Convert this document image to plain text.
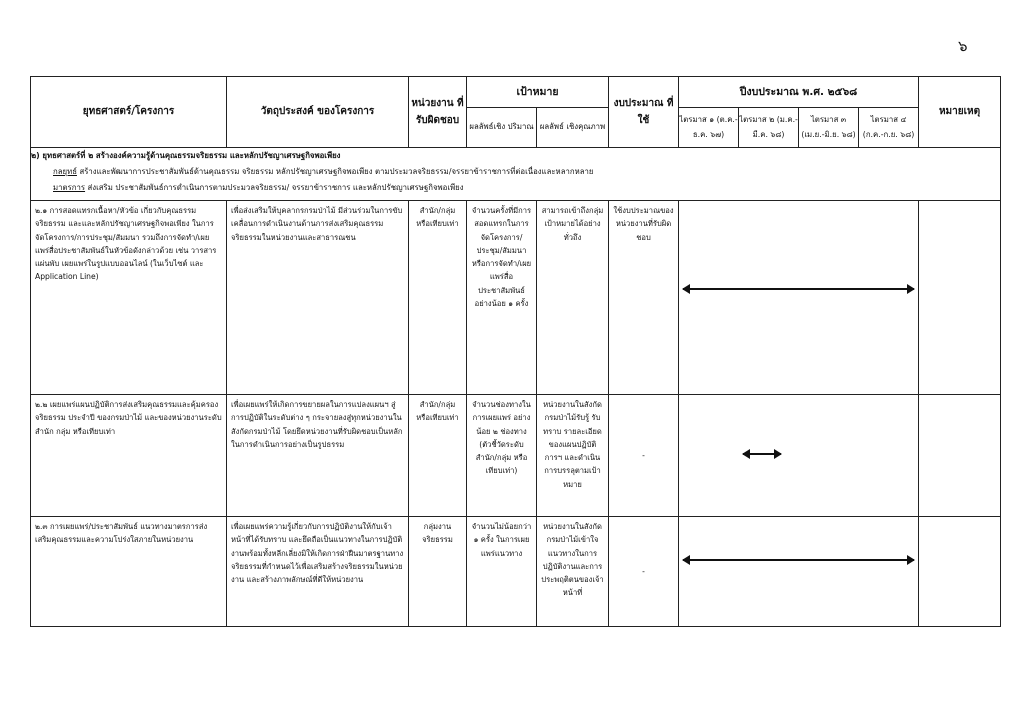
๖
ยุทธศาสตร์/โครงการ	วัตถุประสงค์ ของโครงการ	หน่วยงาน ที่ รับผิดชอบ	เป้าหมาย		งบประมาณ ที่ใช้	ปีงบประมาณ พ.ศ. ๒๕๖๘				หมายเหตุ
			ผลลัพธ์เชิง ปริมาณ	ผลลัพธ์ เชิงคุณภาพ		ไตรมาส ๑ (ต.ค.-ธ.ค. ๖๗)	ไตรมาส ๒ (ม.ค.-มี.ค. ๖๘)	ไตรมาส ๓ (เม.ย.-มิ.ย. ๖๘)	ไตรมาส ๔ (ก.ค.-ก.ย. ๖๘)	

๒) ยุทธศาสตร์ที่ ๒ สร้างองค์ความรู้ด้านคุณธรรมจริยธรรม และหลักปรัชญาเศรษฐกิจพอเพียง
กลยุทธ์ สร้างและพัฒนาการประชาสัมพันธ์ด้านคุณธรรม จริยธรรม หลักปรัชญาเศรษฐกิจพอเพียง ตามประมวลจริยธรรม/จรรยาข้าราชการที่ต่อเนื่องและหลากหลาย
มาตรการ ส่งเสริม ประชาสัมพันธ์การดำเนินการตามประมวลจริยธรรม/ จรรยาข้าราชการ และหลักปรัชญาเศรษฐกิจพอเพียง										

๒.๑ การสอดแทรกเนื้อหา/หัวข้อ เกี่ยวกับคุณธรรม จริยธรรม และและหลักปรัชญาเศรษฐกิจพอเพียง ในการจัดโครงการ/การประชุม/สัมมนา รวมถึงการจัดทำ/เผยแพร่สื่อประชาสัมพันธ์ในหัวข้อดังกล่าวด้วย เช่น วารสาร แผ่นพับ เผยแพร่ในรูปแบบออนไลน์ (ในเว็บไซต์ และ Application Line)	เพื่อส่งเสริมให้บุคลากรกรมป่าไม้ มีส่วนร่วมในการขับเคลื่อนการดำเนินงานด้านการส่งเสริมคุณธรรมจริยธรรมในหน่วยงานและสาธารณชน	สำนัก/กลุ่ม หรือเทียบเท่า	จำนวนครั้งที่มีการสอดแทรกในการจัดโครงการ/ประชุม/สัมมนา หรือการจัดทำ/เผยแพร่สื่อประชาสัมพันธ์ อย่างน้อย ๑ ครั้ง	สามารถเข้าถึงกลุ่มเป้าหมายได้อย่างทั่วถึง	ใช้งบประมาณของหน่วยงานที่รับผิดชอบ					

๒.๒ เผยแพร่แผนปฏิบัติการส่งเสริมคุณธรรมและคุ้มครองจริยธรรม ประจำปี ของกรมป่าไม้ และของหน่วยงานระดับสำนัก กลุ่ม หรือเทียบเท่า	เพื่อเผยแพร่ให้เกิดการขยายผลในการแปลงแผนฯ สู่การปฏิบัติในระดับต่าง ๆ กระจายลงสู่ทุกหน่วยงานในสังกัดกรมป่าไม้ โดยยึดหน่วยงานที่รับผิดชอบเป็นหลักในการดำเนินการอย่างเป็นรูปธรรม	สำนัก/กลุ่ม หรือเทียบเท่า	จำนวนช่องทางในการเผยแพร่ อย่างน้อย ๒ ช่องทาง (ตัวชี้วัดระดับสำนัก/กลุ่ม หรือเทียบเท่า)	หน่วยงานในสังกัดกรมป่าไม้รับรู้ รับทราบ รายละเอียดของแผนปฏิบัติการฯ และดำเนินการบรรลุตามเป้าหมาย	-					

๒.๓ การเผยแพร่/ประชาสัมพันธ์ แนวทางมาตรการส่งเสริมคุณธรรมและความโปร่งใสภายในหน่วยงาน	เพื่อเผยแพร่ความรู้เกี่ยวกับการปฏิบัติงานให้กับเจ้าหน้าที่ได้รับทราบ และยึดถือเป็นแนวทางในการปฏิบัติงานพร้อมทั้งหลีกเลี่ยงมิให้เกิดการฝ่าฝืนมาตรฐานทางจริยธรรมที่กำหนดไว้เพื่อเสริมสร้างจริยธรรมในหน่วยงาน และสร้างภาพลักษณ์ที่ดีให้หน่วยงาน	กลุ่มงาน จริยธรรม	จำนวนไม่น้อยกว่า ๑ ครั้ง ในการเผยแพร่แนวทาง	หน่วยงานในสังกัดกรมป่าไม้เข้าใจแนวทางในการปฏิบัติงานและการประพฤติตนของเจ้าหน้าที่	-					
